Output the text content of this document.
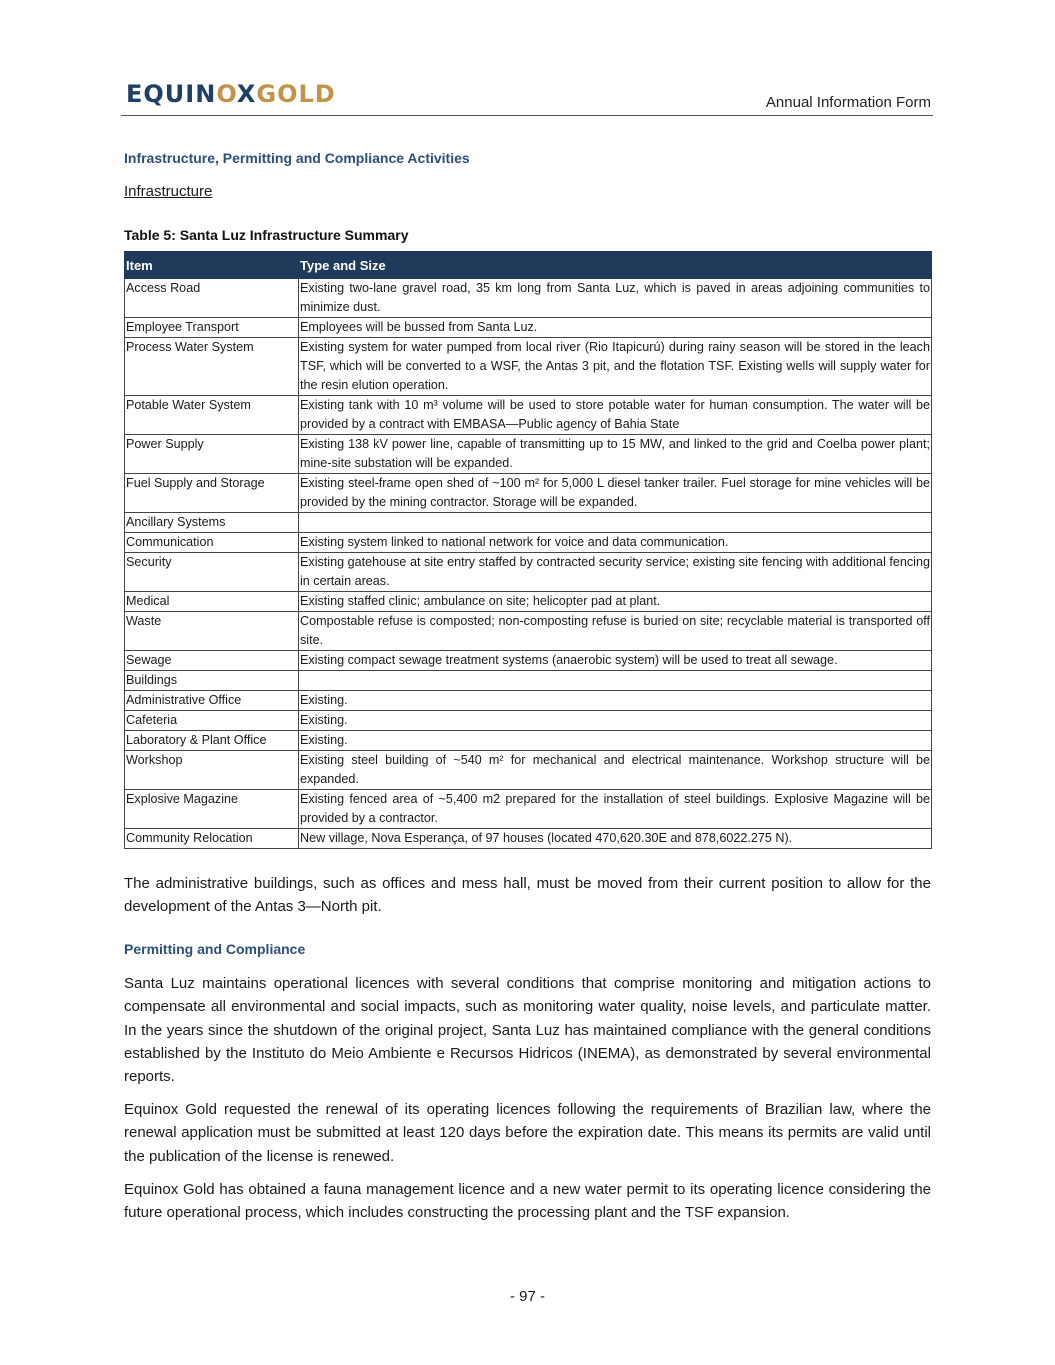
EQUINOXGOLD	Annual Information Form
Infrastructure, Permitting and Compliance Activities
Infrastructure
Table 5: Santa Luz Infrastructure Summary
Item	Type and Size
Access Road	Existing two-lane gravel road, 35 km long from Santa Luz, which is paved in areas adjoining communities to minimize dust.
Employee Transport	Employees will be bussed from Santa Luz.
Process Water System	Existing system for water pumped from local river (Rio Itapicurú) during rainy season will be stored in the leach TSF, which will be converted to a WSF, the Antas 3 pit, and the flotation TSF. Existing wells will supply water for the resin elution operation.
Potable Water System	Existing tank with 10 m³ volume will be used to store potable water for human consumption. The water will be provided by a contract with EMBASA—Public agency of Bahia State
Power Supply	Existing 138 kV power line, capable of transmitting up to 15 MW, and linked to the grid and Coelba power plant; mine-site substation will be expanded.
Fuel Supply and Storage	Existing steel-frame open shed of ~100 m² for 5,000 L diesel tanker trailer. Fuel storage for mine vehicles will be provided by the mining contractor. Storage will be expanded.
Ancillary Systems	
Communication	Existing system linked to national network for voice and data communication.
Security	Existing gatehouse at site entry staffed by contracted security service; existing site fencing with additional fencing in certain areas.
Medical	Existing staffed clinic; ambulance on site; helicopter pad at plant.
Waste	Compostable refuse is composted; non-composting refuse is buried on site; recyclable material is transported off site.
Sewage	Existing compact sewage treatment systems (anaerobic system) will be used to treat all sewage.
Buildings	
Administrative Office	Existing.
Cafeteria	Existing.
Laboratory & Plant Office	Existing.
Workshop	Existing steel building of ~540 m² for mechanical and electrical maintenance. Workshop structure will be expanded.
Explosive Magazine	Existing fenced area of ~5,400 m2 prepared for the installation of steel buildings. Explosive Magazine will be provided by a contractor.
Community Relocation	New village, Nova Esperança, of 97 houses (located 470,620.30E and 878,6022.275 N).
The administrative buildings, such as offices and mess hall, must be moved from their current position to allow for the development of the Antas 3—North pit.
Permitting and Compliance
Santa Luz maintains operational licences with several conditions that comprise monitoring and mitigation actions to compensate all environmental and social impacts, such as monitoring water quality, noise levels, and particulate matter. In the years since the shutdown of the original project, Santa Luz has maintained compliance with the general conditions established by the Instituto do Meio Ambiente e Recursos Hidricos (INEMA), as demonstrated by several environmental reports.
Equinox Gold requested the renewal of its operating licences following the requirements of Brazilian law, where the renewal application must be submitted at least 120 days before the expiration date. This means its permits are valid until the publication of the license is renewed.
Equinox Gold has obtained a fauna management licence and a new water permit to its operating licence considering the future operational process, which includes constructing the processing plant and the TSF expansion.
- 97 -
